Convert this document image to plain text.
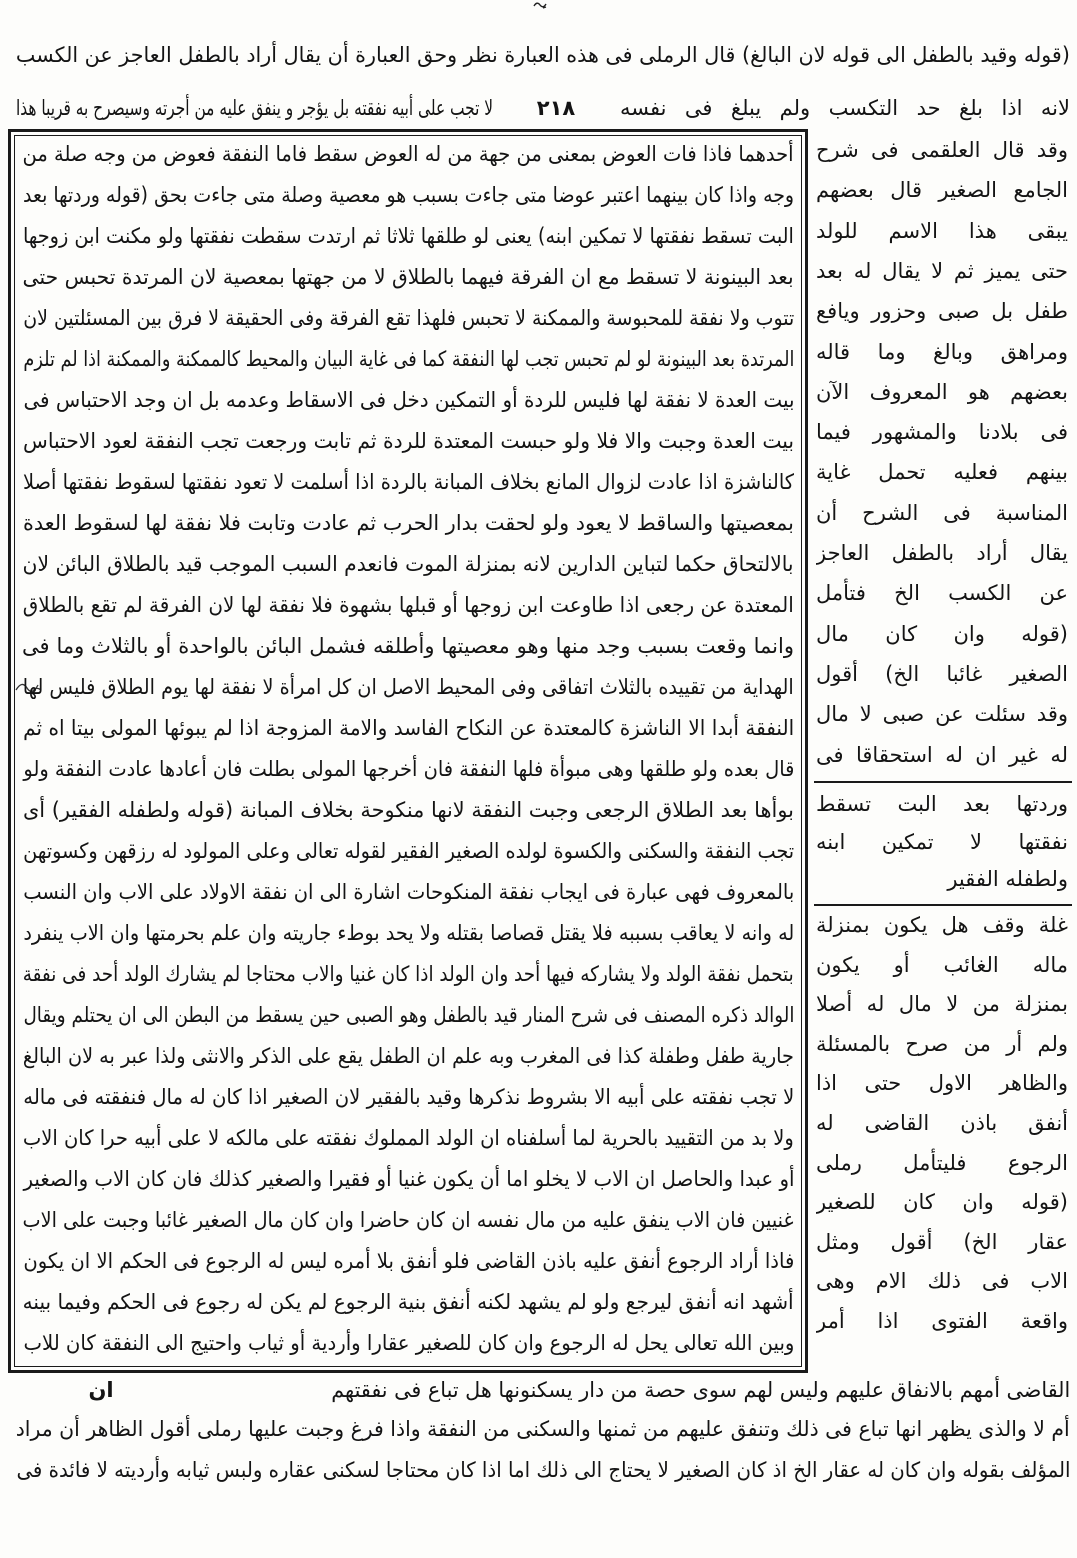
(قوله وقيد بالطفل الى قوله لان البالغ) قال الرملى فى هذه العبارة نظر وحق العبارة أن يقال أراد بالطفل العاجز عن الكسب
لانه اذا بلغ حد التكسب ولم يبلغ فى نفسه
٢١٨
لا تجب على أبيه نفقته بل يؤجر و ينفق عليه من أجرته وسيصرح به قريبا هذا
أحدهما فاذا فات العوض بمعنى من جهة من له العوض سقط فاما النفقة فعوض من وجه صلة من
وجه واذا كان بينهما اعتبر عوضا متى جاءت بسبب هو معصية وصلة متى جاءت بحق (قوله وردتها بعد
البت تسقط نفقتها لا تمكين ابنه) يعنى لو طلقها ثلاثا ثم ارتدت سقطت نفقتها ولو مكنت ابن زوجها
بعد البينونة لا تسقط مع ان الفرقة فيهما بالطلاق لا من جهتها بمعصية لان المرتدة تحبس حتى
تتوب ولا نفقة للمحبوسة والممكنة لا تحبس فلهذا تقع الفرقة وفى الحقيقة لا فرق بين المسئلتين لان
المرتدة بعد البينونة لو لم تحبس تجب لها النفقة كما فى غاية البيان والمحيط كالممكنة والممكنة اذا لم تلزم
بيت العدة لا نفقة لها فليس للردة أو التمكين دخل فى الاسقاط وعدمه بل ان وجد الاحتباس فى
بيت العدة وجبت والا فلا ولو حبست المعتدة للردة ثم تابت ورجعت تجب النفقة لعود الاحتباس
كالناشزة اذا عادت لزوال المانع بخلاف المبانة بالردة اذا أسلمت لا تعود نفقتها لسقوط نفقتها أصلا
بمعصيتها والساقط لا يعود ولو لحقت بدار الحرب ثم عادت وتابت فلا نفقة لها لسقوط العدة
بالالتحاق حكما لتباين الدارين لانه بمنزلة الموت فانعدم السبب الموجب قيد بالطلاق البائن لان
المعتدة عن رجعى اذا طاوعت ابن زوجها أو قبلها بشهوة فلا نفقة لها لان الفرقة لم تقع بالطلاق
وانما وقعت بسبب وجد منها وهو معصيتها وأطلقه فشمل البائن بالواحدة أو بالثلاث وما فى
الهداية من تقييده بالثلاث اتفاقى وفى المحيط الاصل ان كل امرأة لا نفقة لها يوم الطلاق فليس لها
النفقة أبدا الا الناشزة كالمعتدة عن النكاح الفاسد والامة المزوجة اذا لم يبوئها المولى بيتا اه ثم
قال بعده ولو طلقها وهى مبوأة فلها النفقة فان أخرجها المولى بطلت فان أعادها عادت النفقة ولو
بوأها بعد الطلاق الرجعى وجبت النفقة لانها منكوحة بخلاف المبانة (قوله ولطفله الفقير) أى
تجب النفقة والسكنى والكسوة لولده الصغير الفقير لقوله تعالى وعلى المولود له رزقهن وكسوتهن
بالمعروف فهى عبارة فى ايجاب نفقة المنكوحات اشارة الى ان نفقة الاولاد على الاب وان النسب
له وانه لا يعاقب بسببه فلا يقتل قصاصا بقتله ولا يحد بوطء جاريته وان علم بحرمتها وان الاب ينفرد
بتحمل نفقة الولد ولا يشاركه فيها أحد وان الولد اذا كان غنيا والاب محتاجا لم يشارك الولد أحد فى نفقة
الوالد ذكره المصنف فى شرح المنار قيد بالطفل وهو الصبى حين يسقط من البطن الى ان يحتلم ويقال
جارية طفل وطفلة كذا فى المغرب وبه علم ان الطفل يقع على الذكر والانثى ولذا عبر به لان البالغ
لا تجب نفقته على أبيه الا بشروط نذكرها وقيد بالفقير لان الصغير اذا كان له مال فنفقته فى ماله
ولا بد من التقييد بالحرية لما أسلفناه ان الولد المملوك نفقته على مالكه لا على أبيه حرا كان الاب
أو عبدا والحاصل ان الاب لا يخلو اما أن يكون غنيا أو فقيرا والصغير كذلك فان كان الاب والصغير
غنيين فان الاب ينفق عليه من مال نفسه ان كان حاضرا وان كان مال الصغير غائبا وجبت على الاب
فاذا أراد الرجوع أنفق عليه باذن القاضى فلو أنفق بلا أمره ليس له الرجوع فى الحكم الا ان يكون
أشهد انه أنفق ليرجع ولو لم يشهد لكنه أنفق بنية الرجوع لم يكن له رجوع فى الحكم وفيما بينه
وبين الله تعالى يحل له الرجوع وان كان للصغير عقارا وأردية أو ثياب واحتيج الى النفقة كان للاب
وقد قال العلقمى فى شرح
الجامع الصغير قال بعضهم
يبقى هذا الاسم للولد
حتى يميز ثم لا يقال له بعد
طفل بل صبى وحزور ويافع
ومراهق وبالغ وما قاله
بعضهم هو المعروف الآن
فى بلادنا والمشهور فيما
بينهم فعليه تحمل غاية
المناسبة فى الشرح أن
يقال أراد بالطفل العاجز
عن الكسب الخ فتأمل
(قوله وان كان مال
الصغير غائبا الخ) أقول
وقد سئلت عن صبى لا مال
له غير ان له استحقاقا فى
وردتها بعد البت تسقط
نفقتها لا تمكين ابنه
ولطفله الفقير
غلة وقف هل يكون بمنزلة
ماله الغائب أو يكون
بمنزلة من لا مال له أصلا
ولم أر من صرح بالمسئلة
والظاهر الاول حتى اذا
أنفق باذن القاضى له
الرجوع فليتأمل رملى
(قوله وان كان للصغير
عقار الخ) أقول ومثل
الاب فى ذلك الام وهى
واقعة الفتوى اذا أمر
القاضى أمهم بالانفاق عليهم وليس لهم سوى حصة من دار يسكنونها هل تباع فى نفقتهم
ان
أم لا والذى يظهر انها تباع فى ذلك وتنفق عليهم من ثمنها والسكنى من النفقة واذا فرغ وجبت عليها رملى أقول الظاهر أن مراد
المؤلف بقوله وان كان له عقار الخ اذ كان الصغير لا يحتاج الى ذلك اما اذا كان محتاجا لسكنى عقاره ولبس ثيابه وأرديته لا فائدة فى
